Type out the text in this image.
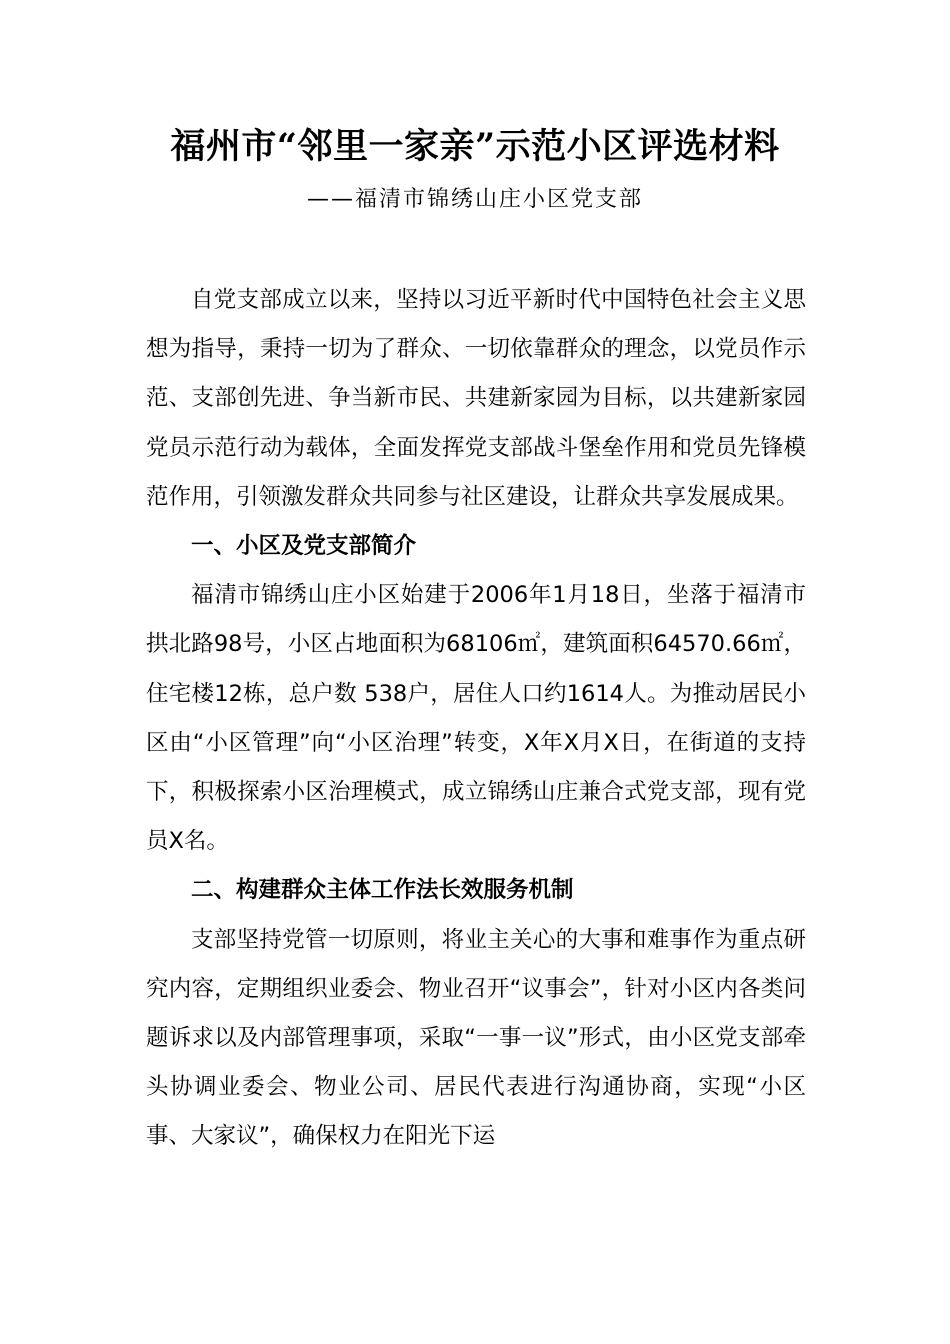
福州市“邻里一家亲”示范小区评选材料
——福清市锦绣山庄小区党支部

自党支部成立以来，坚持以习近平新时代中国特色社会主义思想为指导，秉持一切为了群众、一切依靠群众的理念，以党员作示范、支部创先进、争当新市民、共建新家园为目标，以共建新家园党员示范行动为载体，全面发挥党支部战斗堡垒作用和党员先锋模范作用，引领激发群众共同参与社区建设，让群众共享发展成果。

一、小区及党支部简介

福清市锦绣山庄小区始建于2006年1月18日，坐落于福清市拱北路98号，小区占地面积为68106㎡，建筑面积64570.66㎡，住宅楼12栋，总户数 538户，居住人口约1614人。为推动居民小区由“小区管理”向“小区治理”转变，X年X月X日，在街道的支持下，积极探索小区治理模式，成立锦绣山庄兼合式党支部，现有党员X名。

二、构建群众主体工作法长效服务机制

支部坚持党管一切原则，将业主关心的大事和难事作为重点研究内容，定期组织业委会、物业召开“议事会”，针对小区内各类问题诉求以及内部管理事项，采取“一事一议”形式，由小区党支部牵头协调业委会、物业公司、居民代表进行沟通协商，实现“小区事、大家议”，确保权力在阳光下运
